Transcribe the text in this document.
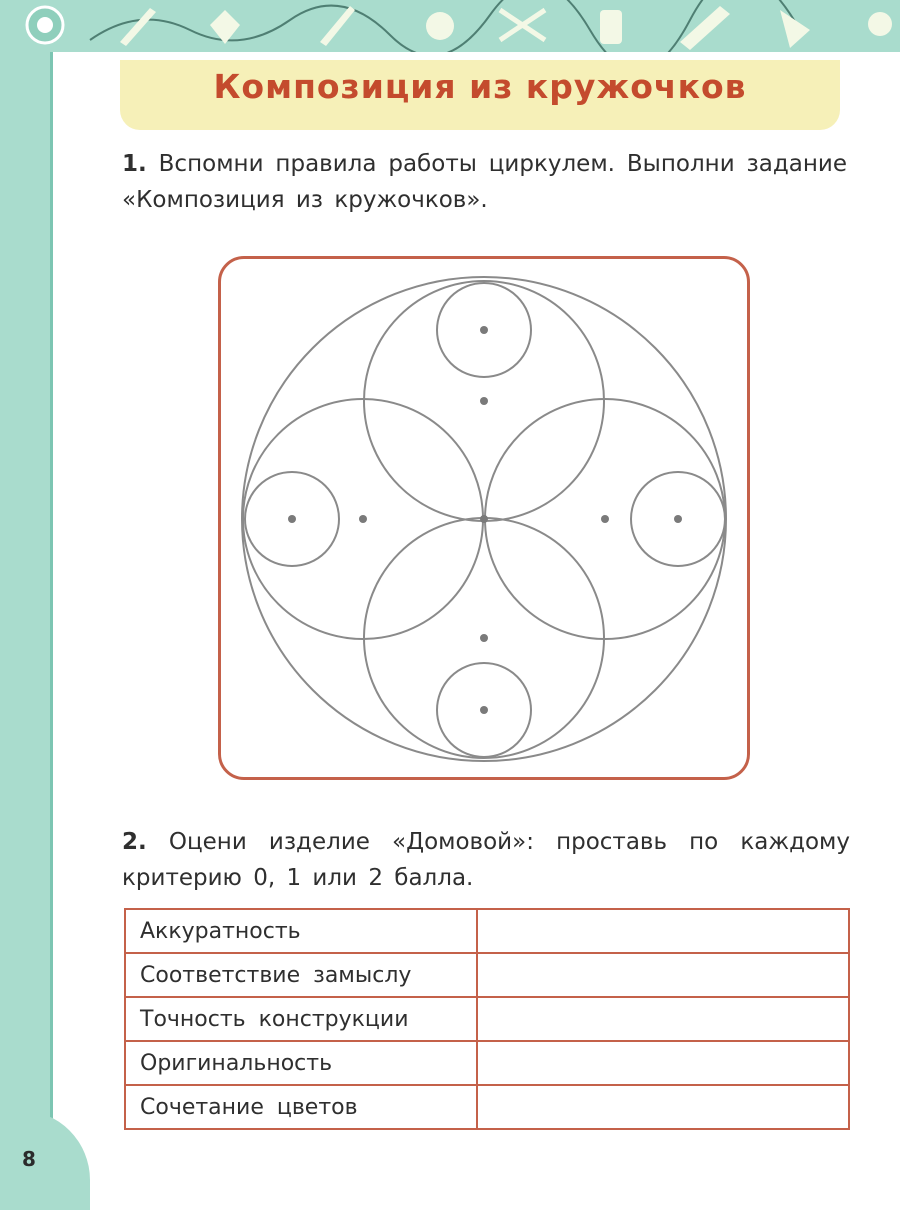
Композиция из кружочков
1. Вспомни правила работы циркулем. Выполни задание «Композиция из кружочков».
2. Оцени изделие «Домовой»: проставь по каждому критерию 0, 1 или 2 балла.
Аккуратность	
Соответствие замыслу	
Точность конструкции	
Оригинальность	
Сочетание цветов	
8
